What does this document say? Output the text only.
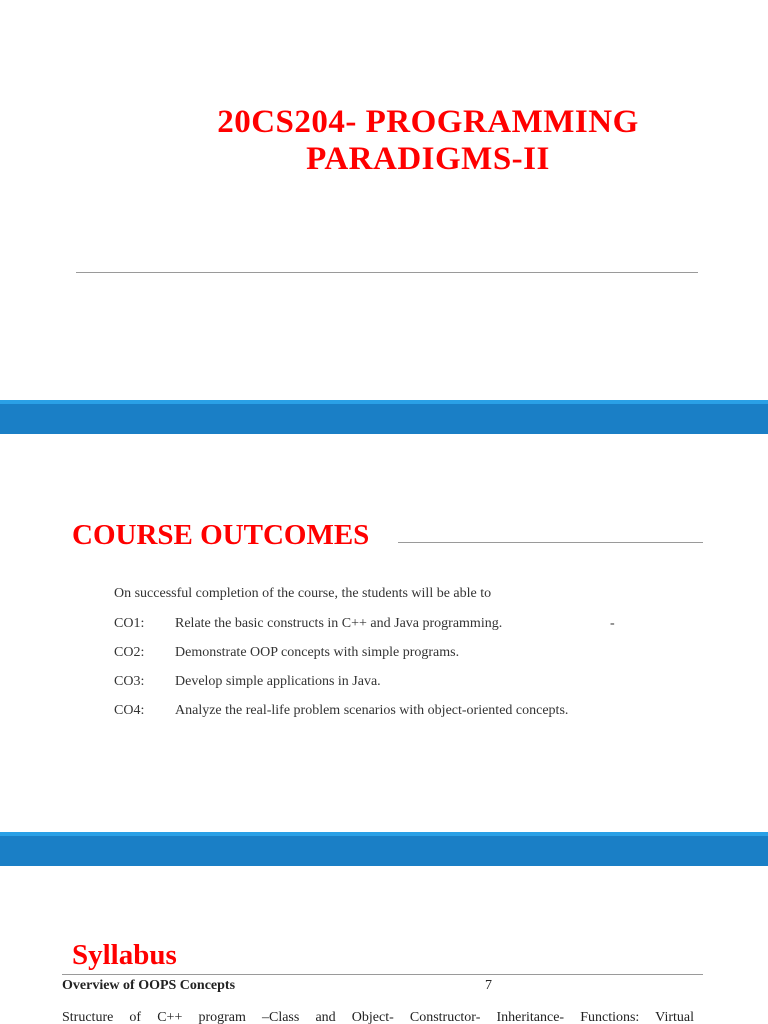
20CS204- PROGRAMMING
PARADIGMS-II
COURSE OUTCOMES
On successful completion of the course, the students will be able to
CO1: Relate the basic constructs in C++ and Java programming.	-
CO2: Demonstrate OOP concepts with simple programs.
CO3: Develop simple applications in Java.
CO4: Analyze the real-life problem scenarios with object-oriented concepts.
Syllabus
Overview of OOPS Concepts	7
Structure of C++ program –Class and Object- Constructor- Inheritance- Functions: Virtual
